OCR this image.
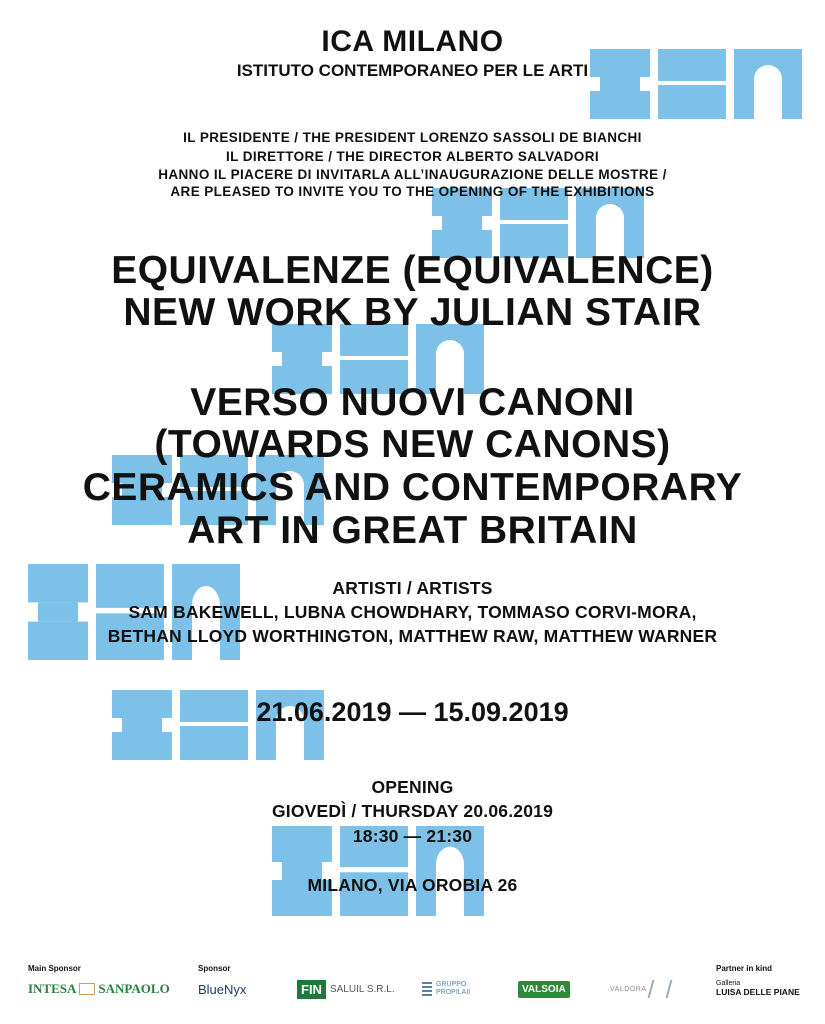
ICA MILANO
ISTITUTO CONTEMPORANEO PER LE ARTI
IL PRESIDENTE / THE PRESIDENT LORENZO SASSOLI DE BIANCHI
IL DIRETTORE / THE DIRECTOR ALBERTO SALVADORI
HANNO IL PIACERE DI INVITARLA ALL’INAUGURAZIONE DELLE MOSTRE /
ARE PLEASED TO INVITE YOU TO THE OPENING OF THE EXHIBITIONS
EQUIVALENZE (EQUIVALENCE)
NEW WORK BY JULIAN STAIR
VERSO NUOVI CANONI
(TOWARDS NEW CANONS)
CERAMICS AND CONTEMPORARY
ART IN GREAT BRITAIN
ARTISTI / ARTISTS
SAM BAKEWELL, LUBNA CHOWDHARY, TOMMASO CORVI-MORA,
BETHAN LLOYD WORTHINGTON, MATTHEW RAW, MATTHEW WARNER
21.06.2019 — 15.09.2019
OPENING
GIOVEDÌ / THURSDAY 20.06.2019
18:30 — 21:30
MILANO, VIA OROBIA 26
Main Sponsor	Sponsor	Partner in kind
INTESA SANPAOLO BlueNyx	FIN SALUIL S.R.L.	GRUPPO
PROPILAII	VALSOIA	VALDORA
Galleria
LUISA DELLE PIANE
